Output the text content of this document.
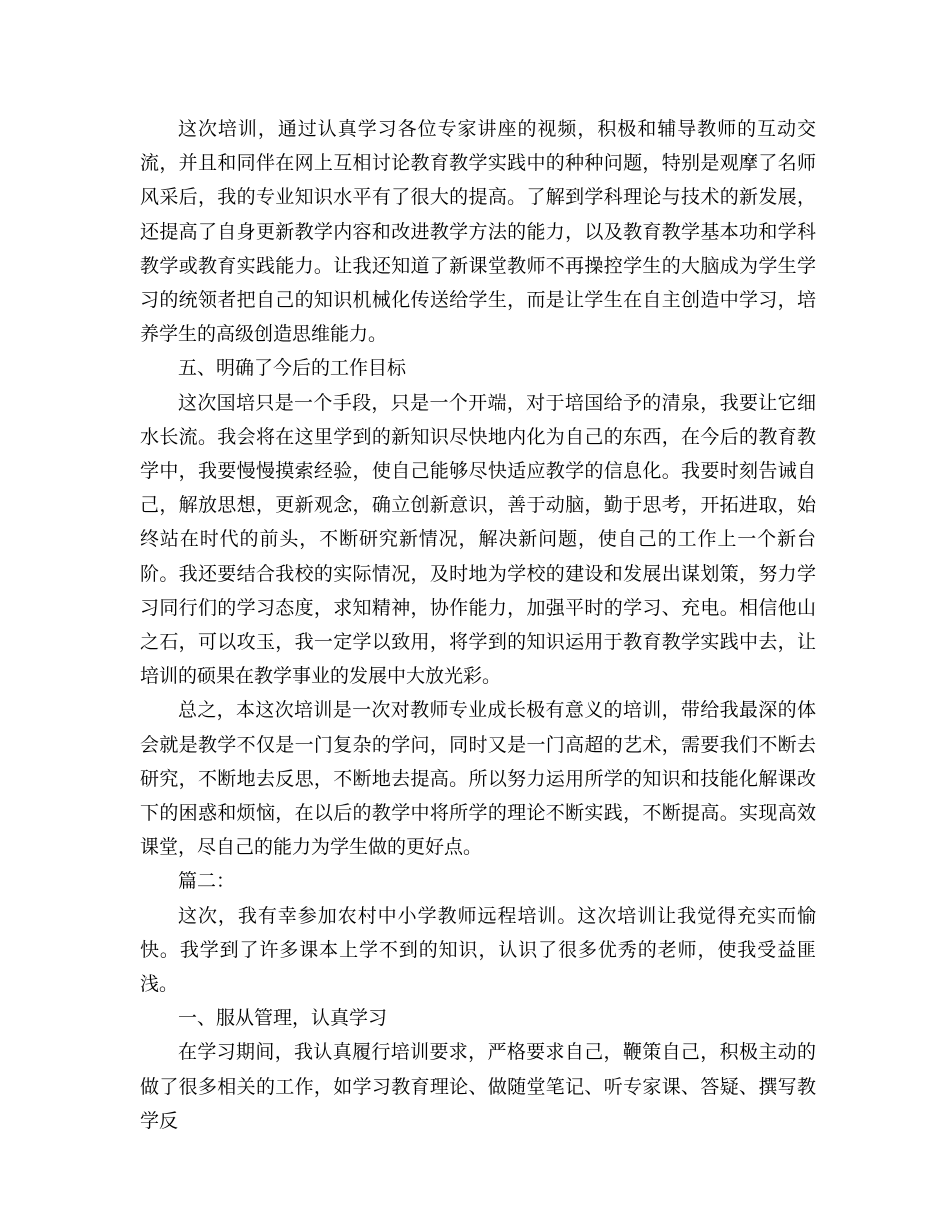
这次培训，通过认真学习各位专家讲座的视频，积极和辅导教师的互动交流，并且和同伴在网上互相讨论教育教学实践中的种种问题，特别是观摩了名师风采后，我的专业知识水平有了很大的提高。了解到学科理论与技术的新发展，还提高了自身更新教学内容和改进教学方法的能力，以及教育教学基本功和学科教学或教育实践能力。让我还知道了新课堂教师不再操控学生的大脑成为学生学习的统领者把自己的知识机械化传送给学生，而是让学生在自主创造中学习，培养学生的高级创造思维能力。

五、明确了今后的工作目标

这次国培只是一个手段，只是一个开端，对于培国给予的清泉，我要让它细水长流。我会将在这里学到的新知识尽快地内化为自己的东西，在今后的教育教学中，我要慢慢摸索经验，使自己能够尽快适应教学的信息化。我要时刻告诫自己，解放思想，更新观念，确立创新意识，善于动脑，勤于思考，开拓进取，始终站在时代的前头，不断研究新情况，解决新问题，使自己的工作上一个新台阶。我还要结合我校的实际情况，及时地为学校的建设和发展出谋划策，努力学习同行们的学习态度，求知精神，协作能力，加强平时的学习、充电。相信他山之石，可以攻玉，我一定学以致用，将学到的知识运用于教育教学实践中去，让培训的硕果在教学事业的发展中大放光彩。

总之，本这次培训是一次对教师专业成长极有意义的培训，带给我最深的体会就是教学不仅是一门复杂的学问，同时又是一门高超的艺术，需要我们不断去研究，不断地去反思，不断地去提高。所以努力运用所学的知识和技能化解课改下的困惑和烦恼，在以后的教学中将所学的理论不断实践，不断提高。实现高效课堂，尽自己的能力为学生做的更好点。

篇二：

这次，我有幸参加农村中小学教师远程培训。这次培训让我觉得充实而愉快。我学到了许多课本上学不到的知识，认识了很多优秀的老师，使我受益匪浅。

一、服从管理，认真学习

在学习期间，我认真履行培训要求，严格要求自己，鞭策自己，积极主动的做了很多相关的工作，如学习教育理论、做随堂笔记、听专家课、答疑、撰写教学反
